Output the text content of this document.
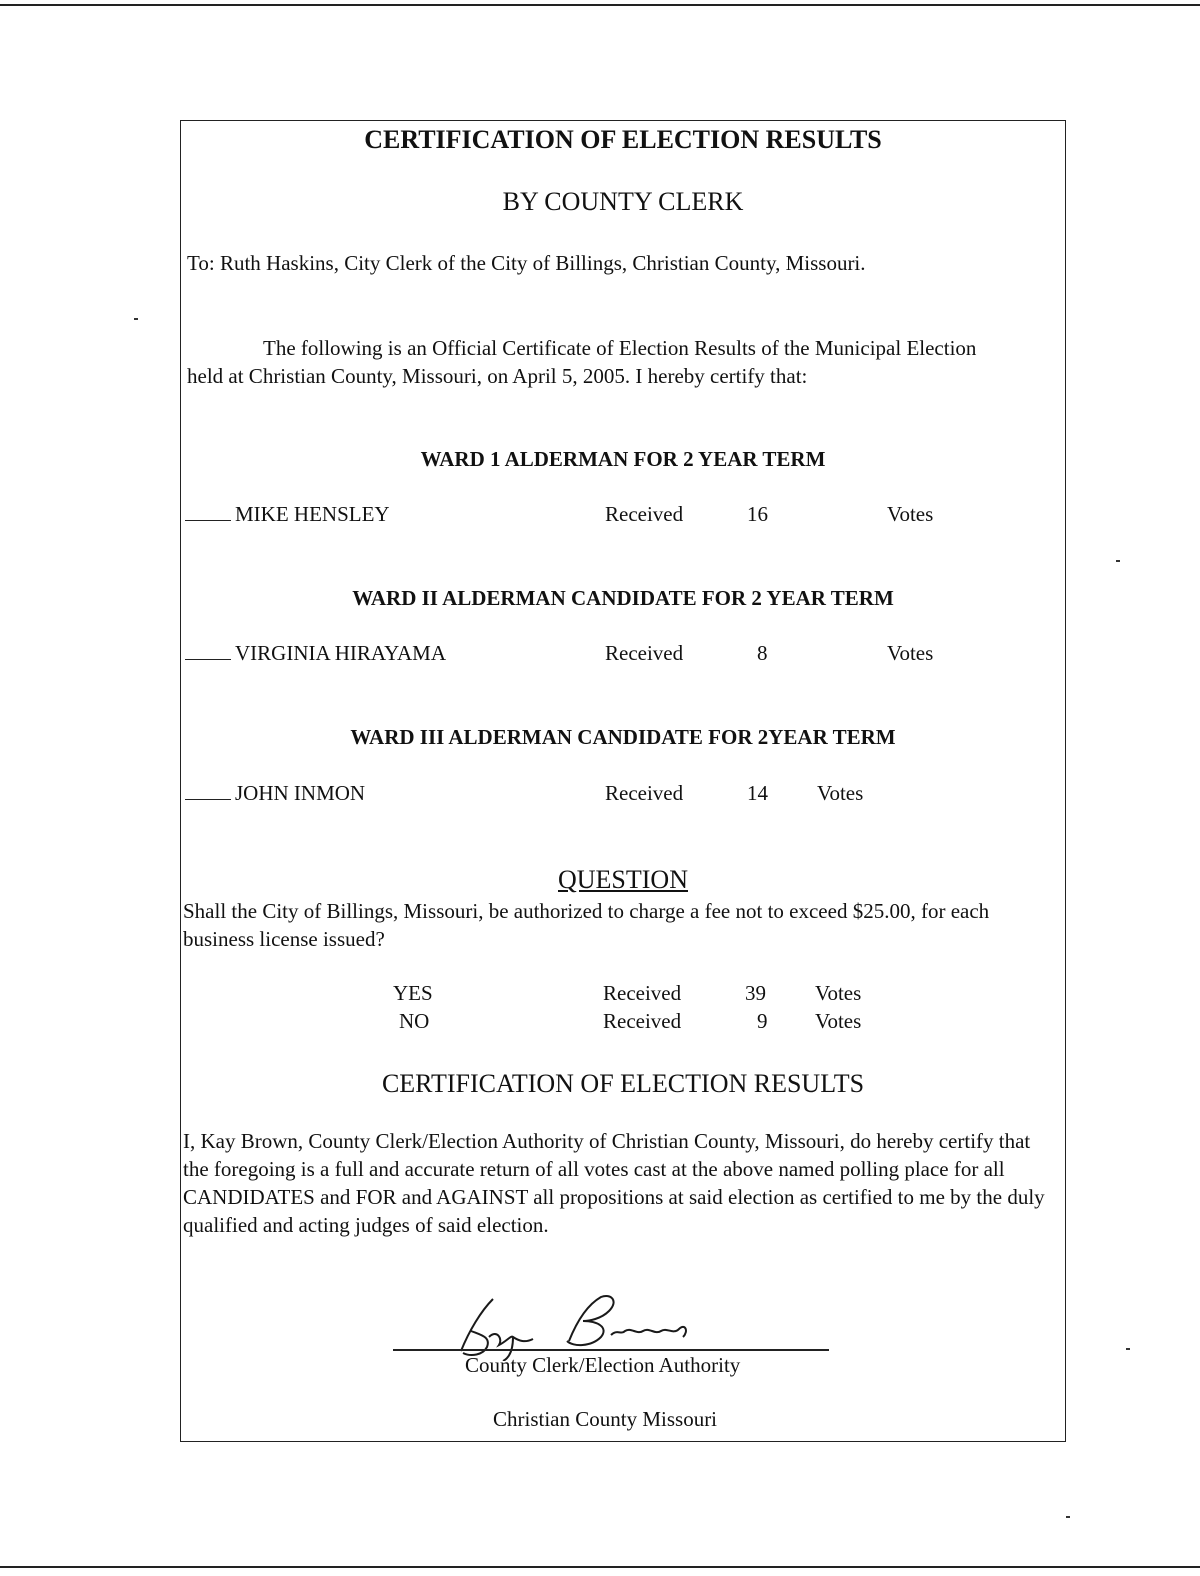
CERTIFICATION OF ELECTION RESULTS
BY COUNTY CLERK
To: Ruth Haskins, City Clerk of the City of Billings, Christian County, Missouri.
The following is an Official Certificate of Election Results of the Municipal Election
held at Christian County, Missouri, on April 5, 2005. I hereby certify that:
WARD 1 ALDERMAN FOR 2 YEAR TERM
MIKE HENSLEY	Received	16	Votes
WARD II ALDERMAN CANDIDATE FOR 2 YEAR TERM
VIRGINIA HIRAYAMA	Received	8	Votes
WARD III ALDERMAN CANDIDATE FOR 2YEAR TERM
JOHN INMON	Received	14 Votes
QUESTION
Shall the City of Billings, Missouri, be authorized to charge a fee not to exceed $25.00, for each business license issued?
YES	Received	39 Votes
NO	Received	9 Votes
CERTIFICATION OF ELECTION RESULTS
I, Kay Brown, County Clerk/Election Authority of Christian County, Missouri, do hereby certify that the foregoing is a full and accurate return of all votes cast at the above named polling place for all CANDIDATES and FOR and AGAINST all propositions at said election as certified to me by the duly qualified and acting judges of said election.
County Clerk/Election Authority
Christian County Missouri
